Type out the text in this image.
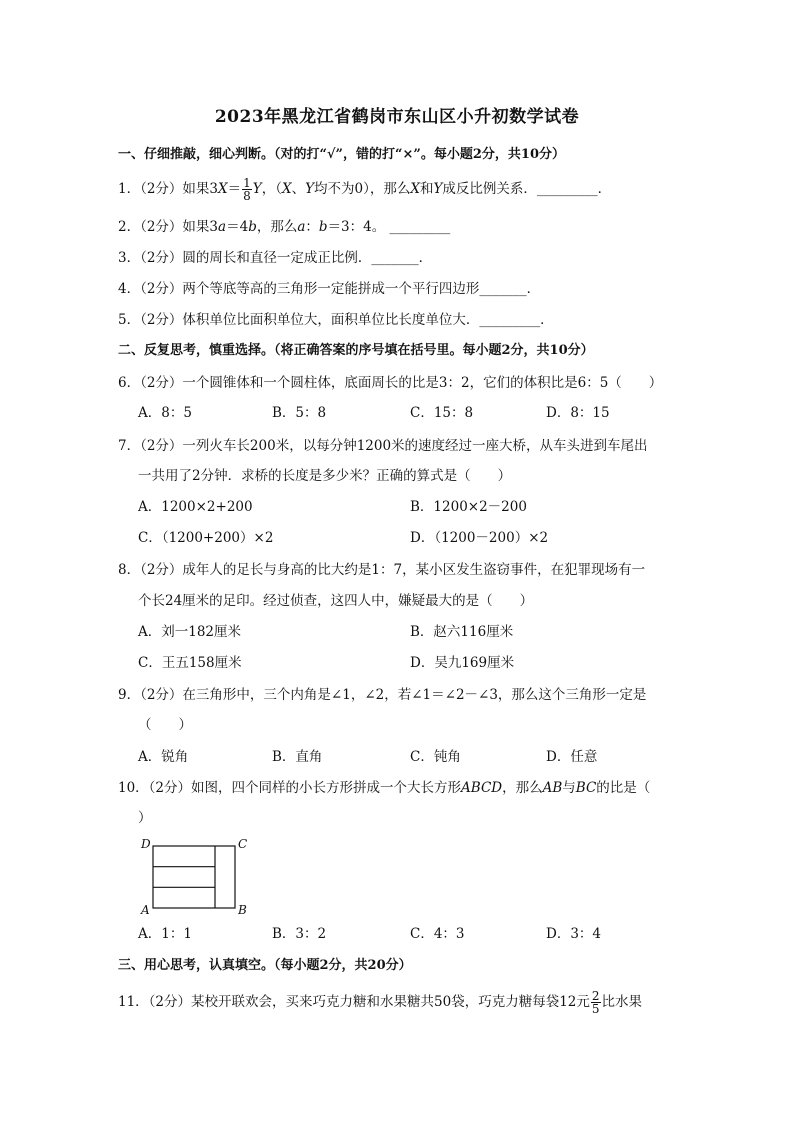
2023年黑龙江省鹤岗市东山区小升初数学试卷
一、仔细推敲，细心判断。（对的打“√”，错的打“×”。每小题2分，共10分）
1．（2分）如果$3X= \frac{1}{8}$ Y，（X、Y均不为0），那么X和Y成反比例关系．_________．
2．（2分）如果3a＝4b，那么a：b＝3：4。 _________
3．（2分）圆的周长和直径一定成正比例．_______．
4．（2分）两个等底等高的三角形一定能拼成一个平行四边形_______．
5．（2分）体积单位比面积单位大，面积单位比长度单位大．_________．
二、反复思考，慎重选择。（将正确答案的序号填在括号里。每小题2分，共10分）
6．（2分）一个圆锥体和一个圆柱体，底面周长的比是3：2，它们的体积比是6：5（　　）
A．8：5	B．5：8	C．15：8	D．8：15
7．（2分）一列火车长200米，以每分钟1200米的速度经过一座大桥，从车头进到车尾出
一共用了2分钟．求桥的长度是多少米？正确的算式是（　　）
A．1200×2+200	B．1200×2－200
C．（1200+200）×2	D．（1200－200）×2
8．（2分）成年人的足长与身高的比大约是1：7，某小区发生盗窃事件，在犯罪现场有一
个长24厘米的足印。经过侦查，这四人中，嫌疑最大的是（　　）
A．刘一182厘米	B．赵六116厘米
C．王五158厘米	D．吴九169厘米
9．（2分）在三角形中，三个内角是∠1，∠2，若∠1＝∠2－∠3，那么这个三角形一定是
（　　）
A．锐角	B．直角	C．钝角	D．任意
10．（2分）如图，四个同样的小长方形拼成一个大长方形ABCD，那么AB与BC的比是（
）
D	C
A	B
A．1：1	B．3：2	C．4：3	D．3：4
三、用心思考，认真填空。（每小题2分，共20分）
11．（2分）某校开联欢会，买来巧克力糖和水果糖共50袋，巧克力糖每袋12元 $\frac{2}{5}$ 比水果
